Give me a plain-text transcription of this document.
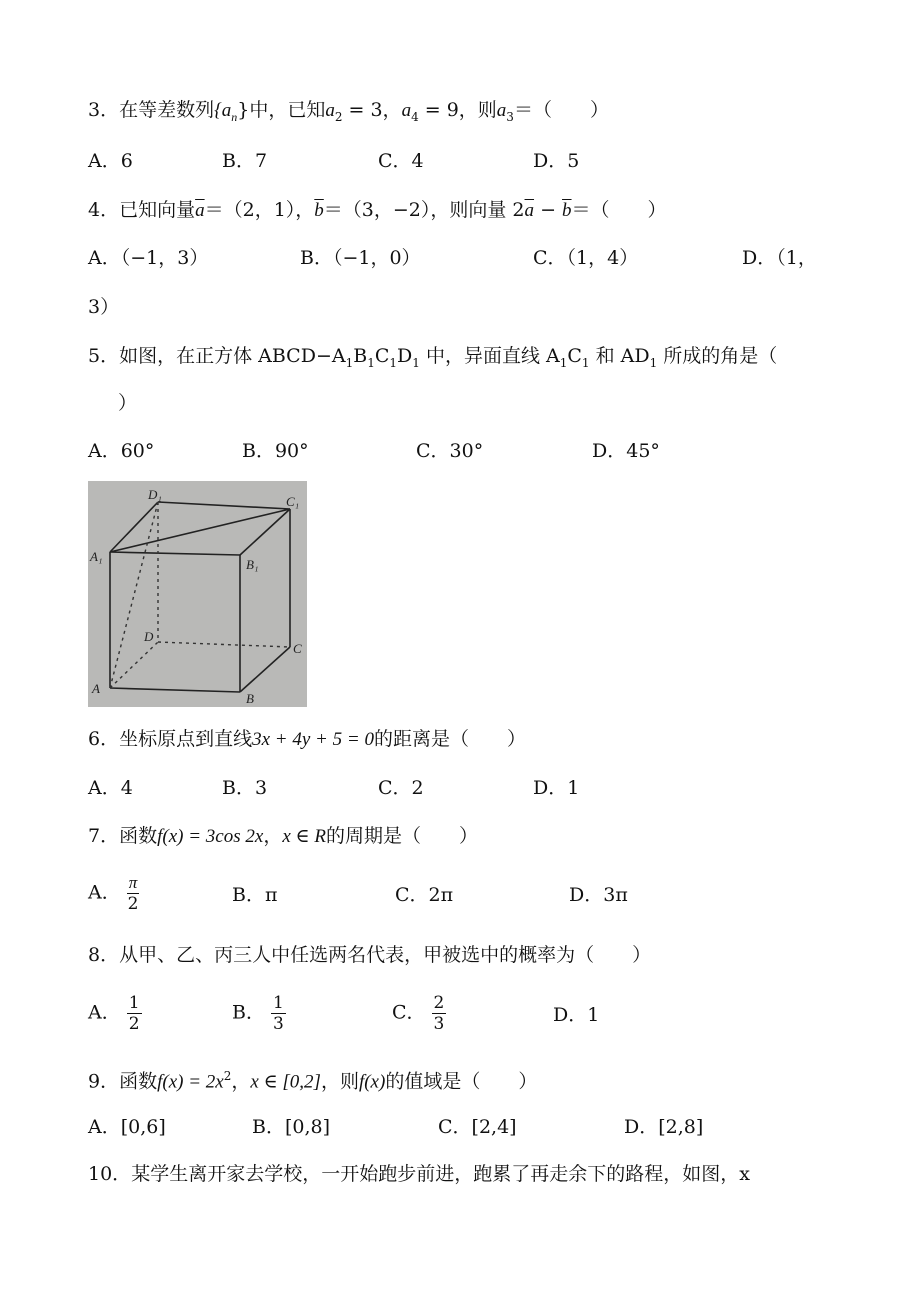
3．在等差数列$\{a_n\}$中，已知$a_2 = 3$，$a_4 = 9$，则$a_3=$（　　）
A．6	B．7	C．4	D．5
4．已知向量$\overline{a}=(2$，1），$\overline{b}=(3$，−2），则向量 $2\overline{a} - \overline{b}=$（　　）
A．（−1，3）	B．（−1，0）	C．（1，4）	D．（1，
3）
5．如图，在正方体 $ABCD-A_1B_1C_1D_1$ 中，异面直线 $A_1C_1$ 和 $AD_1$ 所成的角是（
）
A．60°	B．90°	C．30°	D．45°
D₁	C₁
A₁
B₁
D
C
A
B
6．坐标原点到直线3x + 4y + 5 = 0的距离是（　　）
A．4	B．3	C．2	D．1
7．函数f(x) = 3cos 2x，x ∈ R的周期是（　　）
A． $\frac{\pi}{2}$	B．π	C．2π	D．3π
8．从甲、乙、丙三人中任选两名代表，甲被选中的概率为（　　）
A． $\frac{1}{2}$	B． $\frac{1}{3}$	C． $\frac{2}{3}$	D．1
9．函数$f(x) = 2x^2$，x ∈ [0,2]，则f(x)的值域是（　　）
A．[0,6]	B．[0,8]	C．[2,4]	D．[2,8]
10．某学生离开家去学校，一开始跑步前进，跑累了再走余下的路程，如图，x
